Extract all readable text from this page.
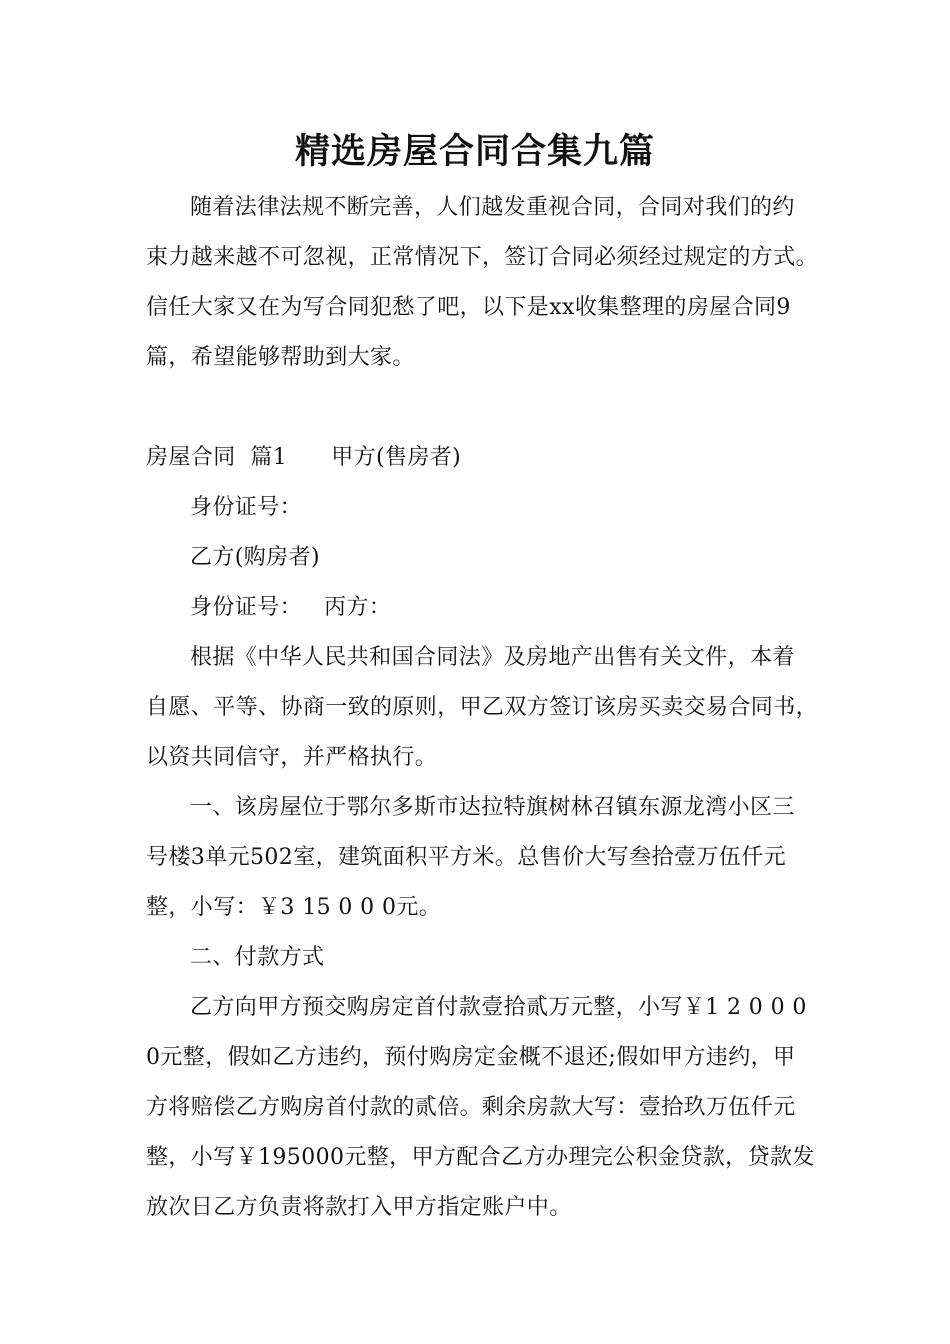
精选房屋合同合集九篇

随着法律法规不断完善，人们越发重视合同，合同对我们的约

束力越来越不可忽视，正常情况下，签订合同必须经过规定的方式。

信任大家又在为写合同犯愁了吧，以下是xx收集整理的房屋合同9

篇，希望能够帮助到大家。

房屋合同  篇1 甲方(售房者)

身份证号：

乙方(购房者)

身份证号： 丙方：

根据《中华人民共和国合同法》及房地产出售有关文件，本着

自愿、平等、协商一致的原则，甲乙双方签订该房买卖交易合同书，

以资共同信守，并严格执行。

一、该房屋位于鄂尔多斯市达拉特旗树林召镇东源龙湾小区三

号楼3单元502室，建筑面积平方米。总售价大写叁拾壹万伍仟元

整，小写：￥3 15 0 0 0元。

二、付款方式

乙方向甲方预交购房定首付款壹拾贰万元整，小写￥1 2 0 0 0

0元整，假如乙方违约，预付购房定金概不退还;假如甲方违约，甲

方将赔偿乙方购房首付款的贰倍。剩余房款大写：壹拾玖万伍仟元

整，小写￥195000元整，甲方配合乙方办理完公积金贷款，贷款发

放次日乙方负责将款打入甲方指定账户中。
